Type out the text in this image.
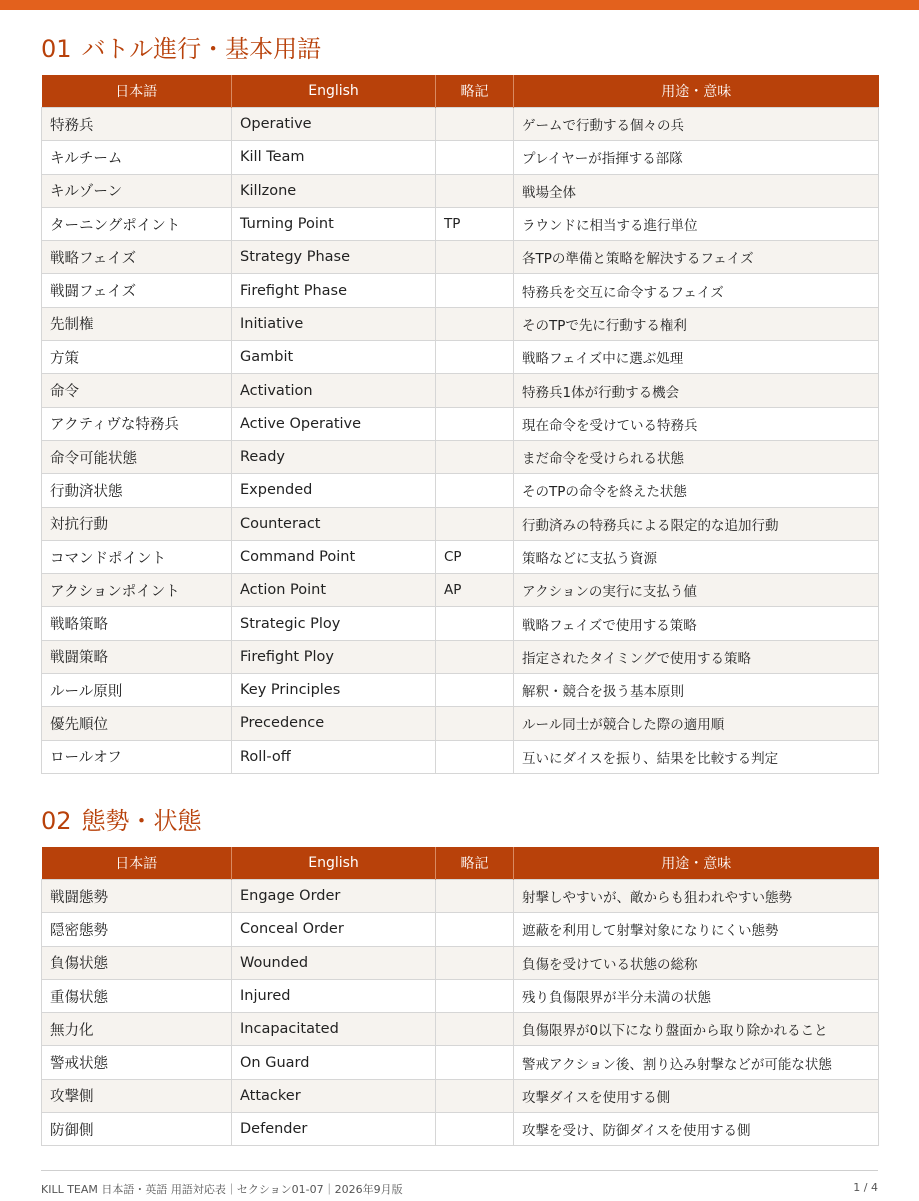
01 バトル進行・基本用語
日本語	English	略記	用途・意味
特務兵	Operative		ゲームで行動する個々の兵
キルチーム	Kill Team		プレイヤーが指揮する部隊
キルゾーン	Killzone		戦場全体
ターニングポイント	Turning Point	TP	ラウンドに相当する進行単位
戦略フェイズ	Strategy Phase		各TPの準備と策略を解決するフェイズ
戦闘フェイズ	Firefight Phase		特務兵を交互に命令するフェイズ
先制権	Initiative		そのTPで先に行動する権利
方策	Gambit		戦略フェイズ中に選ぶ処理
命令	Activation		特務兵1体が行動する機会
アクティヴな特務兵	Active Operative		現在命令を受けている特務兵
命令可能状態	Ready		まだ命令を受けられる状態
行動済状態	Expended		そのTPの命令を終えた状態
対抗行動	Counteract		行動済みの特務兵による限定的な追加行動
コマンドポイント	Command Point	CP	策略などに支払う資源
アクションポイント	Action Point	AP	アクションの実行に支払う値
戦略策略	Strategic Ploy		戦略フェイズで使用する策略
戦闘策略	Firefight Ploy		指定されたタイミングで使用する策略
ルール原則	Key Principles		解釈・競合を扱う基本原則
優先順位	Precedence		ルール同士が競合した際の適用順
ロールオフ	Roll-off		互いにダイスを振り、結果を比較する判定
02 態勢・状態
日本語	English	略記	用途・意味
戦闘態勢	Engage Order		射撃しやすいが、敵からも狙われやすい態勢
隠密態勢	Conceal Order		遮蔽を利用して射撃対象になりにくい態勢
負傷状態	Wounded		負傷を受けている状態の総称
重傷状態	Injured		残り負傷限界が半分未満の状態
無力化	Incapacitated		負傷限界が0以下になり盤面から取り除かれること
警戒状態	On Guard		警戒アクション後、割り込み射撃などが可能な状態
攻撃側	Attacker		攻撃ダイスを使用する側
防御側	Defender		攻撃を受け、防御ダイスを使用する側
KILL TEAM 日本語・英語 用語対応表｜セクション01-07｜2026年9月版	1 / 4
